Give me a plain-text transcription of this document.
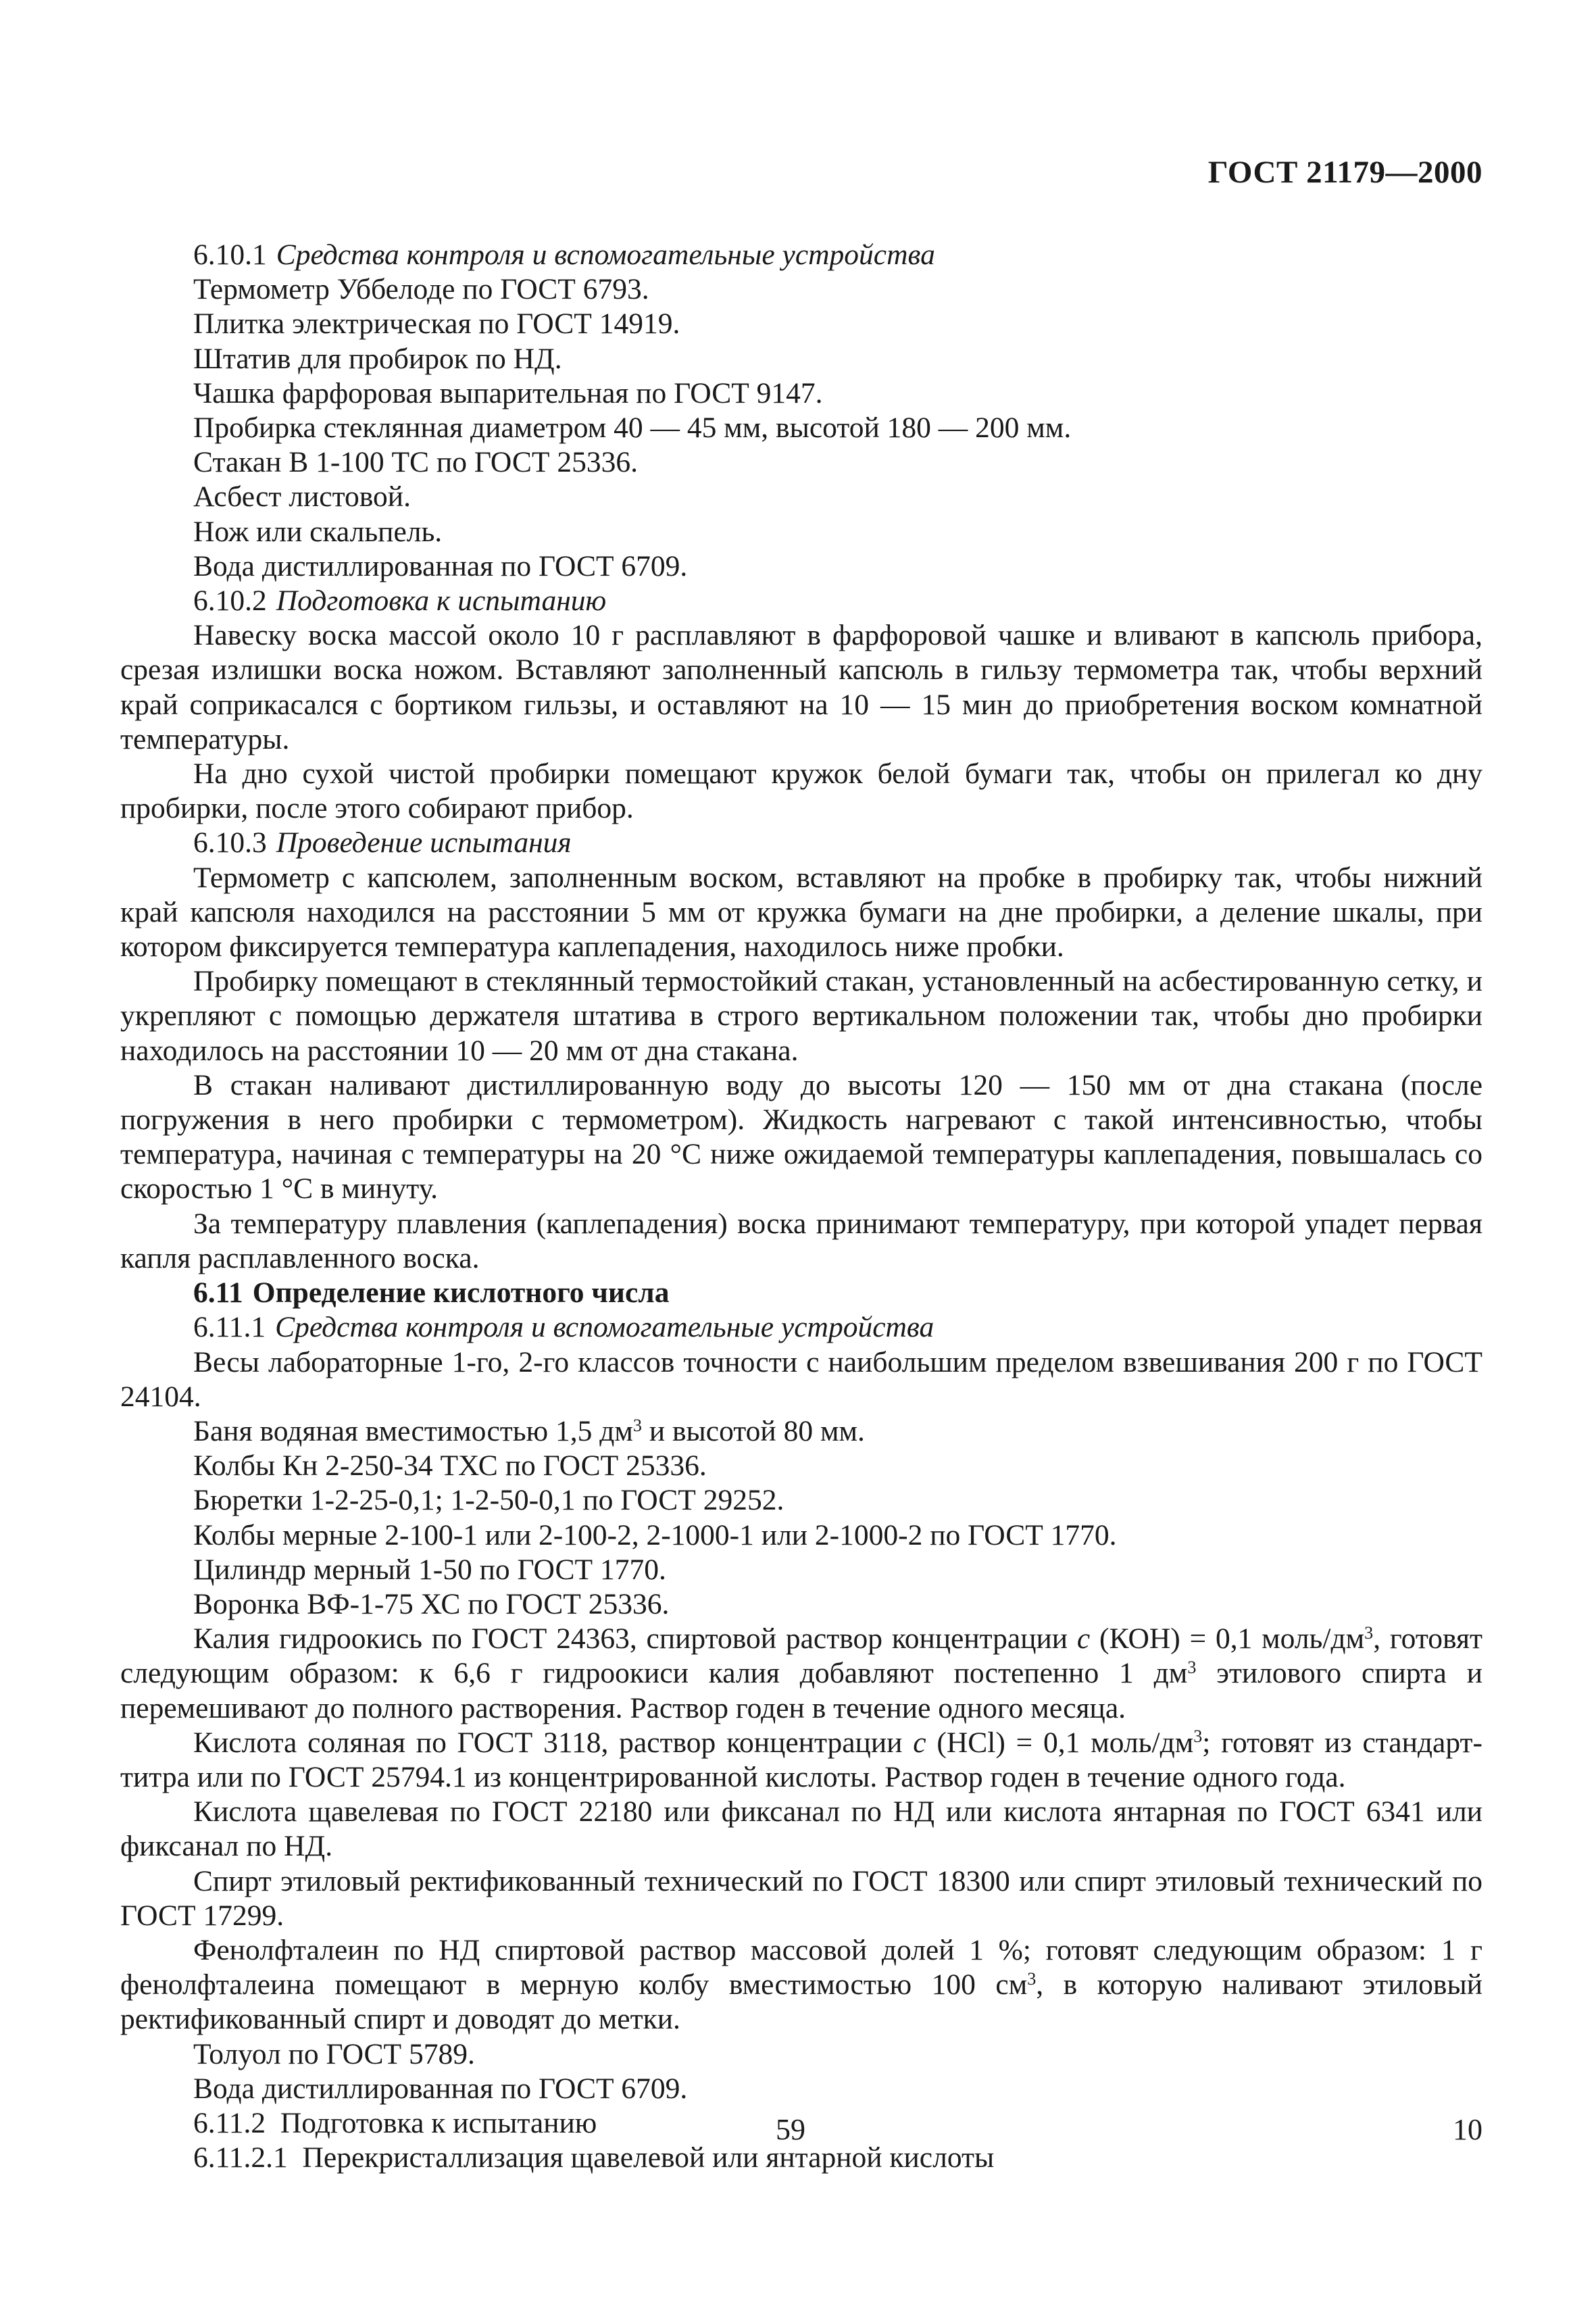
ГОСТ 21179—2000

6.10.1 Средства контроля и вспомогательные устройства

Термометр Уббелоде по ГОСТ 6793.

Плитка электрическая по ГОСТ 14919.

Штатив для пробирок по НД.

Чашка фарфоровая выпарительная по ГОСТ 9147.

Пробирка стеклянная диаметром 40 — 45 мм, высотой 180 — 200 мм.

Стакан В 1-100 ТС по ГОСТ 25336.

Асбест листовой.

Нож или скальпель.

Вода дистиллированная по ГОСТ 6709.

6.10.2 Подготовка к испытанию

Навеску воска массой около 10 г расплавляют в фарфоровой чашке и вливают в капсюль прибора, срезая излишки воска ножом. Вставляют заполненный капсюль в гильзу термометра так, чтобы верхний край соприкасался с бортиком гильзы, и оставляют на 10 — 15 мин до приобретения воском комнатной температуры.

На дно сухой чистой пробирки помещают кружок белой бумаги так, чтобы он прилегал ко дну пробирки, после этого собирают прибор.

6.10.3 Проведение испытания

Термометр с капсюлем, заполненным воском, вставляют на пробке в пробирку так, чтобы нижний край капсюля находился на расстоянии 5 мм от кружка бумаги на дне пробирки, а деление шкалы, при котором фиксируется температура каплепадения, находилось ниже пробки.

Пробирку помещают в стеклянный термостойкий стакан, установленный на асбестированную сетку, и укрепляют с помощью держателя штатива в строго вертикальном положении так, чтобы дно пробирки находилось на расстоянии 10 — 20 мм от дна стакана.

В стакан наливают дистиллированную воду до высоты 120 — 150 мм от дна стакана (после погружения в него пробирки с термометром). Жидкость нагревают с такой интенсивностью, чтобы температура, начиная с температуры на 20 °С ниже ожидаемой температуры каплепадения, повышалась со скоростью 1 °С в минуту.

За температуру плавления (каплепадения) воска принимают температуру, при которой упадет первая капля расплавленного воска.

6.11 Определение кислотного числа

6.11.1 Средства контроля и вспомогательные устройства

Весы лабораторные 1-го, 2-го классов точности с наибольшим пределом взвешивания 200 г по ГОСТ 24104.

Баня водяная вместимостью 1,5 $дм^3$ и высотой 80 мм.

Колбы Кн 2-250-34 ТХС по ГОСТ 25336.

Бюретки 1-2-25-0,1; 1-2-50-0,1 по ГОСТ 29252.

Колбы мерные 2-100-1 или 2-100-2, 2-1000-1 или 2-1000-2 по ГОСТ 1770.

Цилиндр мерный 1-50 по ГОСТ 1770.

Воронка ВФ-1-75 ХС по ГОСТ 25336.

Калия гидроокись по ГОСТ 24363, спиртовой раствор концентрации c (КОН) = 0,1 моль/$дм^3$, готовят следующим образом: к 6,6 г гидроокиси калия добавляют постепенно 1 $дм^3$ этилового спирта и перемешивают до полного растворения. Раствор годен в течение одного месяца.

Кислота соляная по ГОСТ 3118, раствор концентрации c (HCl) = 0,1 моль/$дм^3$; готовят из стандарт-титра или по ГОСТ 25794.1 из концентрированной кислоты. Раствор годен в течение одного года.

Кислота щавелевая по ГОСТ 22180 или фиксанал по НД или кислота янтарная по ГОСТ 6341 или фиксанал по НД.

Спирт этиловый ректификованный технический по ГОСТ 18300 или спирт этиловый технический по ГОСТ 17299.

Фенолфталеин по НД спиртовой раствор массовой долей 1 %; готовят следующим образом: 1 г фенолфталеина помещают в мерную колбу вместимостью 100 $см^3$, в которую наливают этиловый ректификованный спирт и доводят до метки.

Толуол по ГОСТ 5789.

Вода дистиллированная по ГОСТ 6709.

6.11.2  Подготовка к испытанию

6.11.2.1  Перекристаллизация щавелевой или янтарной кислоты

59	10
